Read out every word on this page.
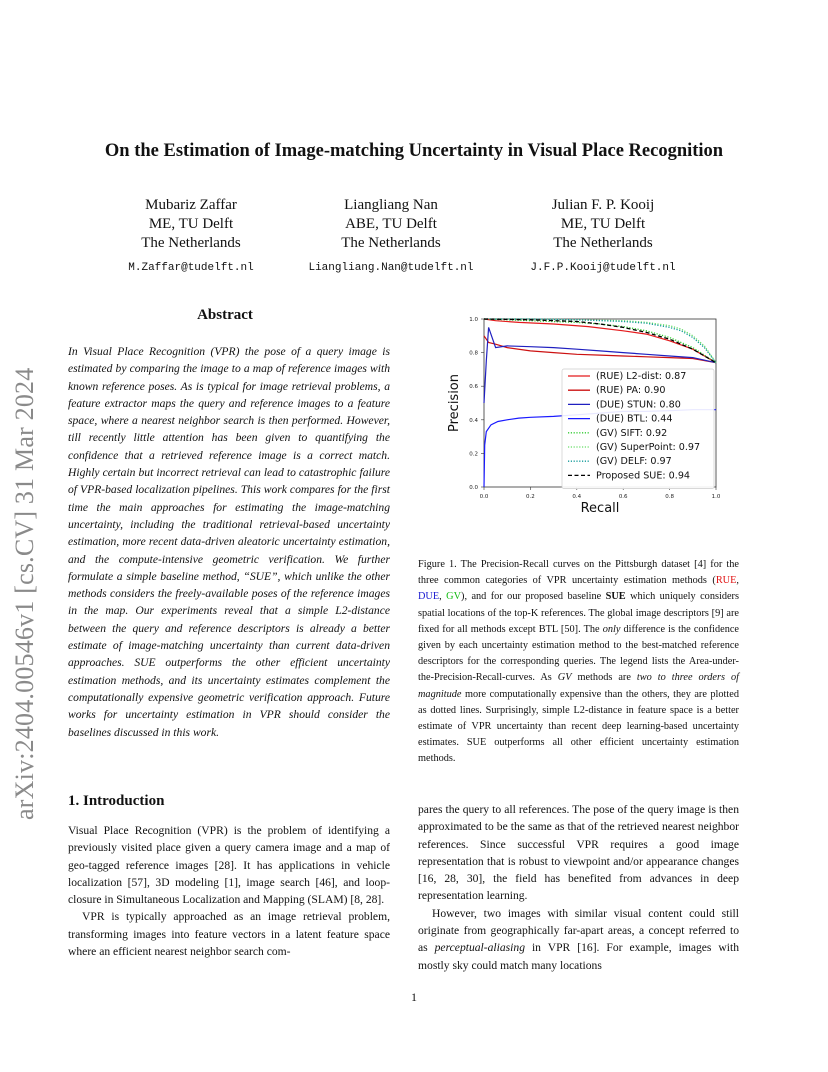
On the Estimation of Image-matching Uncertainty in Visual Place Recognition
Mubariz Zaffar
ME, TU Delft
The Netherlands
M.Zaffar@tudelft.nl
Liangliang Nan
ABE, TU Delft
The Netherlands
Liangliang.Nan@tudelft.nl
Julian F. P. Kooij
ME, TU Delft
The Netherlands
J.F.P.Kooij@tudelft.nl
arXiv:2404.00546v1 [cs.CV] 31 Mar 2024
Abstract
In Visual Place Recognition (VPR) the pose of a query image is estimated by comparing the image to a map of reference images with known reference poses. As is typical for image retrieval problems, a feature extractor maps the query and reference images to a feature space, where a nearest neighbor search is then performed. However, till recently little attention has been given to quantifying the confidence that a retrieved reference image is a correct match. Highly certain but incorrect retrieval can lead to catastrophic failure of VPR-based localization pipelines. This work compares for the first time the main approaches for estimating the image-matching uncertainty, including the traditional retrieval-based uncertainty estimation, more recent data-driven aleatoric uncertainty estimation, and the compute-intensive geometric verification. We further formulate a simple baseline method, “SUE”, which unlike the other methods considers the freely-available poses of the reference images in the map. Our experiments reveal that a simple L2-distance between the query and reference descriptors is already a better estimate of image-matching uncertainty than current data-driven approaches. SUE outperforms the other efficient uncertainty estimation methods, and its uncertainty estimates complement the computationally expensive geometric verification approach. Future works for uncertainty estimation in VPR should consider the baselines discussed in this work.
0.0
0.0
0.2
0.2
0.4
0.4
0.6
0.6
0.8
0.8
1.0
1.0
Recall
Precision	(RUE) L2-dist: 0.87
(RUE) PA: 0.90
(DUE) STUN: 0.80
(DUE) BTL: 0.44
(GV) SIFT: 0.92
(GV) SuperPoint: 0.97
(GV) DELF: 0.97
Proposed SUE: 0.94
Figure 1. The Precision-Recall curves on the Pittsburgh dataset [4] for the three common categories of VPR uncertainty estimation methods (RUE, DUE, GV), and for our proposed baseline SUE which uniquely considers spatial locations of the top-K references. The global image descriptors [9] are fixed for all methods except BTL [50]. The only difference is the confidence given by each uncertainty estimation method to the best-matched reference descriptors for the corresponding queries. The legend lists the Area-under-the-Precision-Recall-curves. As GV methods are two to three orders of magnitude more computationally expensive than the others, they are plotted as dotted lines. Surprisingly, simple L2-distance in feature space is a better estimate of VPR uncertainty than recent deep learning-based uncertainty estimates. SUE outperforms all other efficient uncertainty estimation methods.
1. Introduction

Visual Place Recognition (VPR) is the problem of identifying a previously visited place given a query camera image and a map of geo-tagged reference images [28]. It has applications in vehicle localization [57], 3D modeling [1], image search [46], and loop-closure in Simultaneous Localization and Mapping (SLAM) [8, 28].

VPR is typically approached as an image retrieval problem, transforming images into feature vectors in a latent feature space where an efficient nearest neighbor search com-

pares the query to all references. The pose of the query image is then approximated to be the same as that of the retrieved nearest neighbor references. Since successful VPR requires a good image representation that is robust to viewpoint and/or appearance changes [16, 28, 30], the field has benefited from advances in deep representation learning.

However, two images with similar visual content could still originate from geographically far-apart areas, a concept referred to as perceptual-aliasing in VPR [16]. For example, images with mostly sky could match many locations

1
